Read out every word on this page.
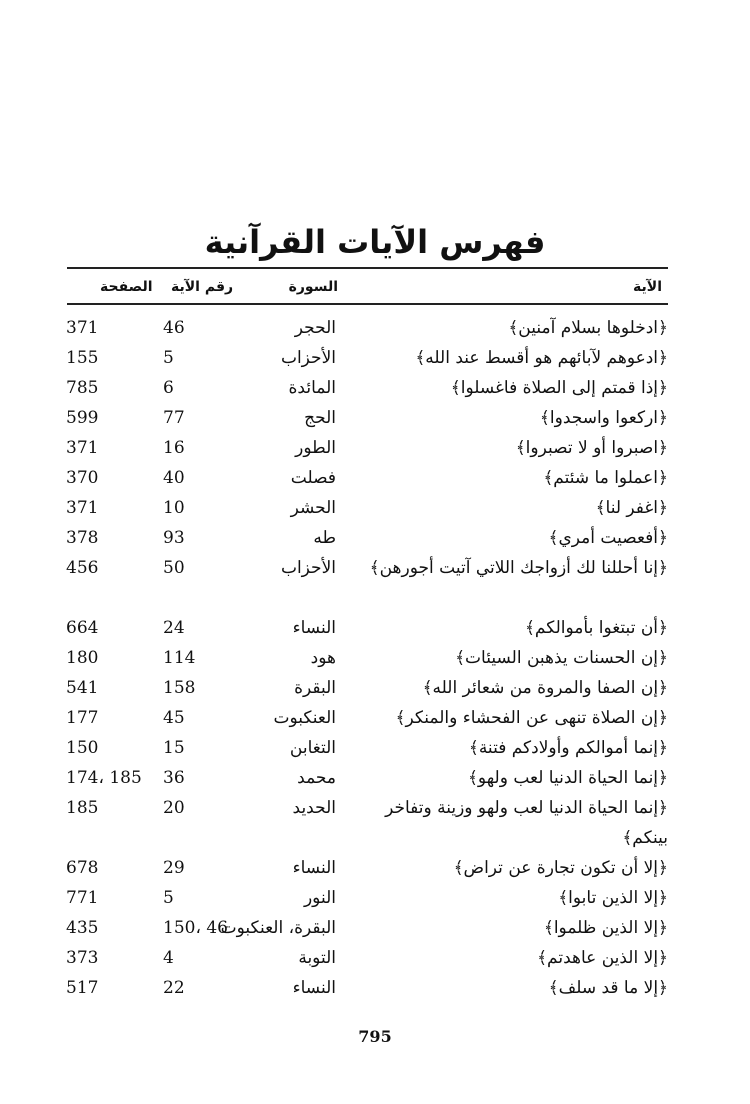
فهرس الآيات القرآنية
الآية
السورة
رقم الآية
الصفحة
﴿ادخلوها بسلام آمنين﴾
الحجر
46
371
﴿ادعوهم لآبائهم هو أقسط عند الله﴾
الأحزاب
5
155
﴿إذا قمتم إلى الصلاة فاغسلوا﴾
المائدة
6
785
﴿اركعوا واسجدوا﴾
الحج
77
599
﴿اصبروا أو لا تصبروا﴾
الطور
16
371
﴿اعملوا ما شئتم﴾
فصلت
40
370
﴿اغفر لنا﴾
الحشر
10
371
﴿أفعصيت أمري﴾
طه
93
378
﴿إنا أحللنا لك أزواجك اللاتي آتيت أجورهن﴾
الأحزاب
50
456
﴿أن تبتغوا بأموالكم﴾
النساء
24
664
﴿إن الحسنات يذهبن السيئات﴾
هود
114
180
﴿إن الصفا والمروة من شعائر الله﴾
البقرة
158
541
﴿إن الصلاة تنهى عن الفحشاء والمنكر﴾
العنكبوت
45
177
﴿إنما أموالكم وأولادكم فتنة﴾
التغابن
15
150
﴿إنما الحياة الدنيا لعب ولهو﴾
محمد
36
174، 185
﴿إنما الحياة الدنيا لعب ولهو وزينة وتفاخر بينكم﴾
الحديد
20
185
﴿إلا أن تكون تجارة عن تراض﴾
النساء
29
678
﴿إلا الذين تابوا﴾
النور
5
771
﴿إلا الذين ظلموا﴾
البقرة، العنكبوت
150، 46
435
﴿إلا الذين عاهدتم﴾
التوبة
4
373
﴿إلا ما قد سلف﴾
النساء
22
517
795
